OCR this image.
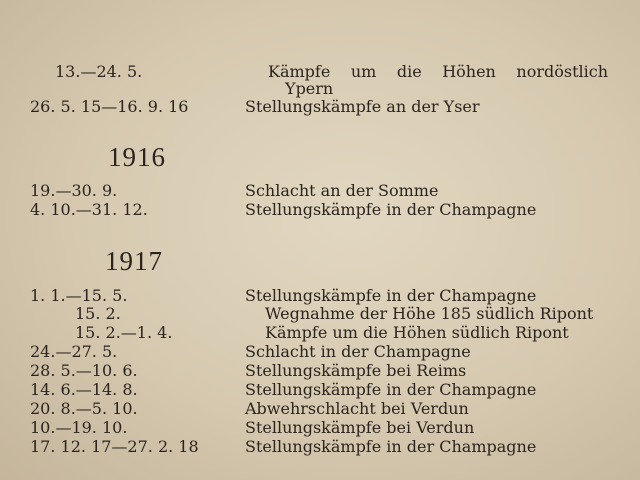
13.—24. 5.	Kämpfe um die Höhen nordöstlich
Ypern
26. 5. 15—16. 9. 16	Stellungskämpfe an der Yser
1916
19.—30. 9.	Schlacht an der Somme
4. 10.—31. 12.	Stellungskämpfe in der Champagne
1917
1. 1.—15. 5.	Stellungskämpfe in der Champagne
15. 2.	Wegnahme der Höhe 185 südlich Ripont
15. 2.—1. 4.	Kämpfe um die Höhen südlich Ripont
24.—27. 5.	Schlacht in der Champagne
28. 5.—10. 6.	Stellungskämpfe bei Reims
14. 6.—14. 8.	Stellungskämpfe in der Champagne
20. 8.—5. 10.	Abwehrschlacht bei Verdun
10.—19. 10.	Stellungskämpfe bei Verdun
17. 12. 17—27. 2. 18	Stellungskämpfe in der Champagne
